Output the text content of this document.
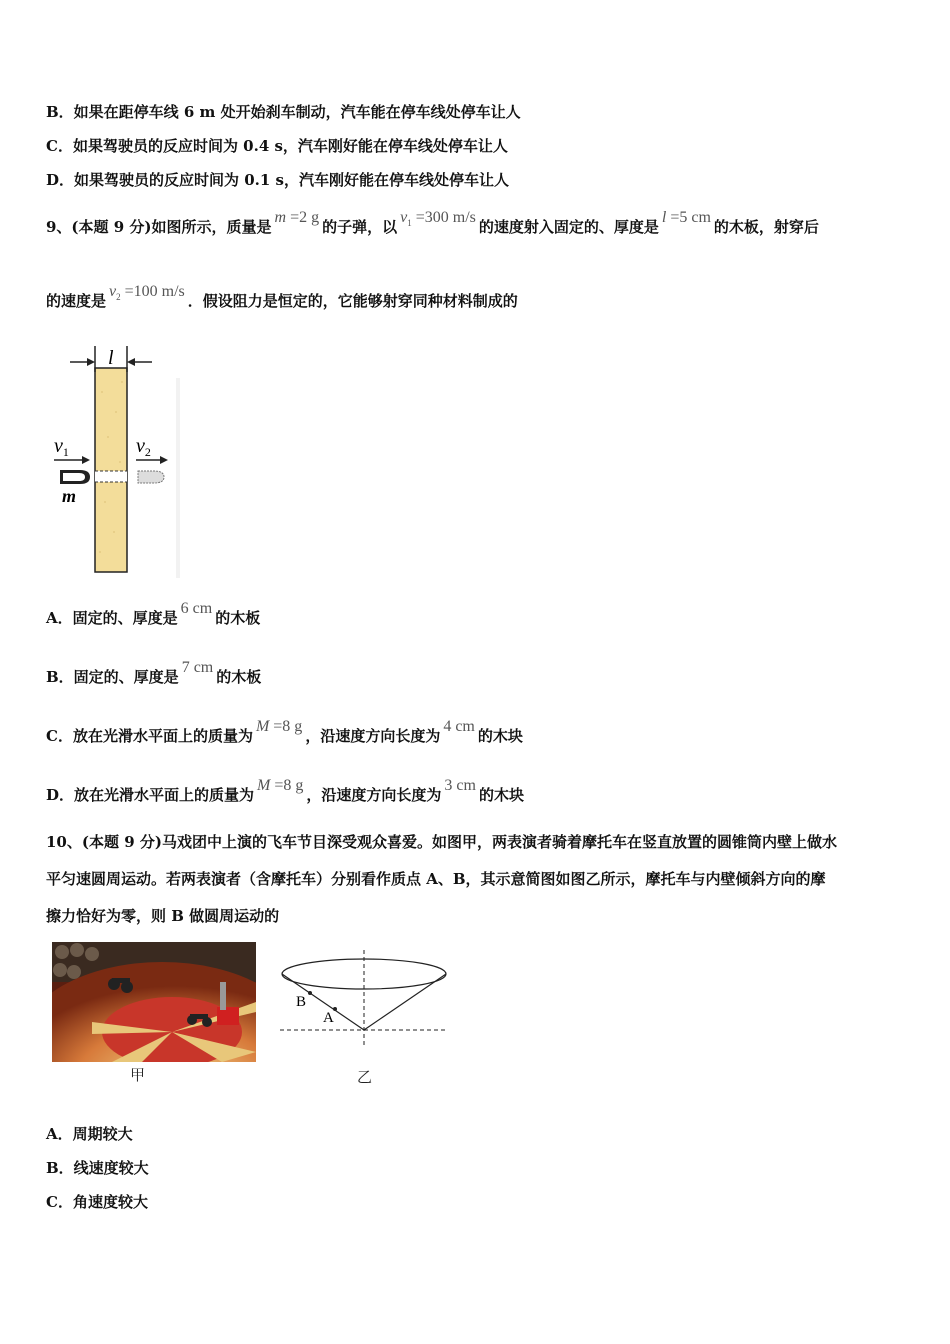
B．如果在距停车线 6 m 处开始刹车制动，汽车能在停车线处停车让人
C．如果驾驶员的反应时间为 0.4 s，汽车刚好能在停车线处停车让人
D．如果驾驶员的反应时间为 0.1 s，汽车刚好能在停车线处停车让人
9、(本题 9 分)如图所示，质量是m =2 g的子弹，以$v_1 =300$ m/s的速度射入固定的、厚度是l =5 cm的木板，射穿后
的速度是$v_2 =100$ m/s．假设阻力是恒定的，它能够射穿同种材料制成的
l
$v_1$	$v_2$
m
A．固定的、厚度是6 cm的木板
B．固定的、厚度是7 cm的木板
C．放在光滑水平面上的质量为M =8 g，沿速度方向长度为4 cm的木块
D．放在光滑水平面上的质量为M =8 g，沿速度方向长度为3 cm的木块
10、(本题 9 分)马戏团中上演的飞车节目深受观众喜爱。如图甲，两表演者骑着摩托车在竖直放置的圆锥筒内壁上做水
平匀速圆周运动。若两表演者（含摩托车）分别看作质点 A、B，其示意简图如图乙所示，摩托车与内壁倾斜方向的摩
擦力恰好为零，则 B 做圆周运动的
甲
B
A
乙
A．周期较大
B．线速度较大
C．角速度较大
